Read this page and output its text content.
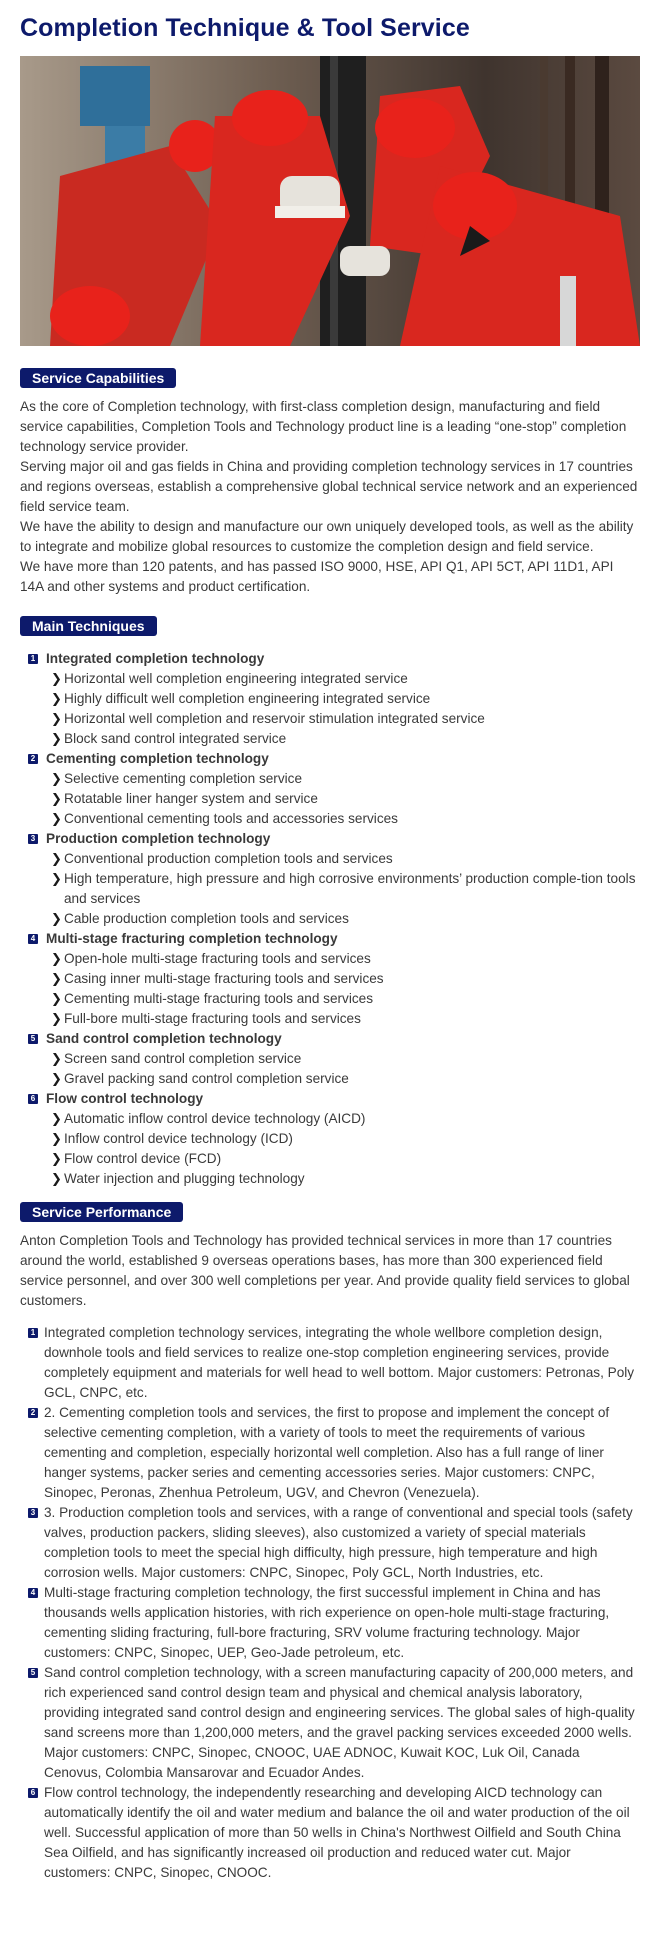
Completion Technique & Tool Service
Service Capabilities

As the core of Completion technology, with first-class completion design, manufacturing and field service capabilities, Completion Tools and Technology product line is a leading “one-stop” completion technology service provider.

Serving major oil and gas fields in China and providing completion technology services in 17 countries and regions overseas, establish a comprehensive global technical service network and an experienced field service team.

We have the ability to design and manufacture our own uniquely developed tools, as well as the ability to integrate and mobilize global resources to customize the completion design and field service.

We have more than 120 patents, and has passed ISO 9000, HSE, API Q1, API 5CT, API 11D1, API 14A and other systems and product certification.

Main Techniques
1 Integrated completion technology
❯ Horizontal well completion engineering integrated service
❯ Highly difficult well completion engineering integrated service
❯ Horizontal well completion and reservoir stimulation integrated service
❯ Block sand control integrated service
2 Cementing completion technology
❯ Selective cementing completion service
❯ Rotatable liner hanger system and service
❯ Conventional cementing tools and accessories services
3 Production completion technology
❯ Conventional production completion tools and services
❯ High temperature, high pressure and high corrosive environments’ production comple-tion tools and services
❯ Cable production completion tools and services
4 Multi-stage fracturing completion technology
❯ Open-hole multi-stage fracturing tools and services
❯ Casing inner multi-stage fracturing tools and services
❯ Cementing multi-stage fracturing tools and services
❯ Full-bore multi-stage fracturing tools and services
5 Sand control completion technology
❯ Screen sand control completion service
❯ Gravel packing sand control completion service
6 Flow control technology
❯ Automatic inflow control device technology (AICD)
❯ Inflow control device technology (ICD)
❯ Flow control device (FCD)
❯ Water injection and plugging technology
Service Performance

Anton Completion Tools and Technology has provided technical services in more than 17 countries around the world, established 9 overseas operations bases, has more than 300 experienced field service personnel, and over 300 well completions per year. And provide quality field services to global customers.

1 Integrated completion technology services, integrating the whole wellbore completion design, downhole tools and field services to realize one-stop completion engineering services, provide completely equipment and materials for well head to well bottom. Major customers: Petronas, Poly GCL, CNPC, etc.
2 2. Cementing completion tools and services, the first to propose and implement the concept of selective cementing completion, with a variety of tools to meet the requirements of various cementing and completion, especially horizontal well completion. Also has a full range of liner hanger systems, packer series and cementing accessories series. Major customers: CNPC, Sinopec, Peronas, Zhenhua Petroleum, UGV, and Chevron (Venezuela).
3 3. Production completion tools and services, with a range of conventional and special tools (safety valves, production packers, sliding sleeves), also customized a variety of special materials completion tools to meet the special high difficulty, high pressure, high temperature and high corrosion wells. Major customers: CNPC, Sinopec, Poly GCL, North Industries, etc.
4 Multi-stage fracturing completion technology, the first successful implement in China and has thousands wells application histories, with rich experience on open-hole multi-stage fracturing, cementing sliding fracturing, full-bore fracturing, SRV volume fracturing technology. Major customers: CNPC, Sinopec, UEP, Geo-Jade petroleum, etc.
5 Sand control completion technology, with a screen manufacturing capacity of 200,000 meters, and rich experienced sand control design team and physical and chemical analysis laboratory, providing integrated sand control design and engineering services. The global sales of high-quality sand screens more than 1,200,000 meters, and the gravel packing services exceeded 2000 wells. Major customers: CNPC, Sinopec, CNOOC, UAE ADNOC, Kuwait KOC, Luk Oil, Canada Cenovus, Colombia Mansarovar and Ecuador Andes.
6 Flow control technology, the independently researching and developing AICD technology can automatically identify the oil and water medium and balance the oil and water production of the oil well. Successful application of more than 50 wells in China's Northwest Oilfield and South China Sea Oilfield, and has significantly increased oil production and reduced water cut. Major customers: CNPC, Sinopec, CNOOC.
